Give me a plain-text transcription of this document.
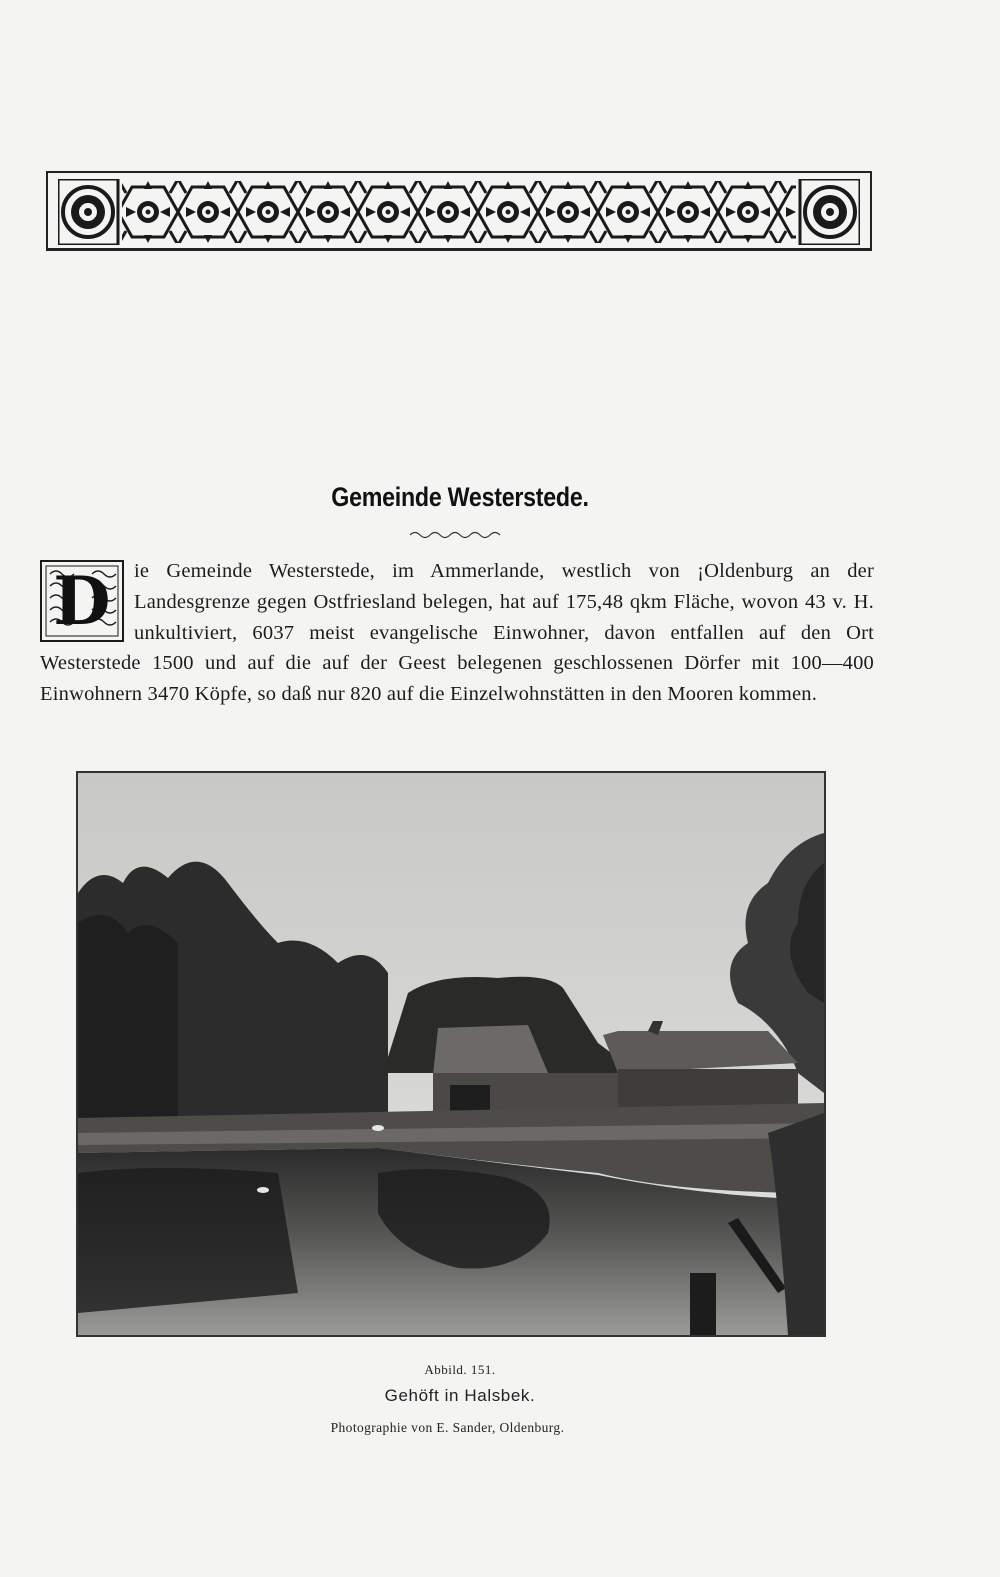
Gemeinde Westerstede.
D	ie Gemeinde Westerstede, im Ammerlande, westlich von ¡Oldenburg an der Landesgrenze gegen Ostfriesland belegen, hat auf 175,48 qkm Fläche, wovon 43 v. H. unkultiviert, 6037 meist evangelische Einwohner, davon entfallen auf den Ort Westerstede 1500 und auf die auf der Geest belegenen geschlossenen Dörfer mit 100—400 Einwohnern 3470 Köpfe, so daß nur 820 auf die Einzelwohnstätten in den Mooren kommen.
Abbild. 151.
Gehöft in Halsbek.
Photographie von E. Sander, Oldenburg.
